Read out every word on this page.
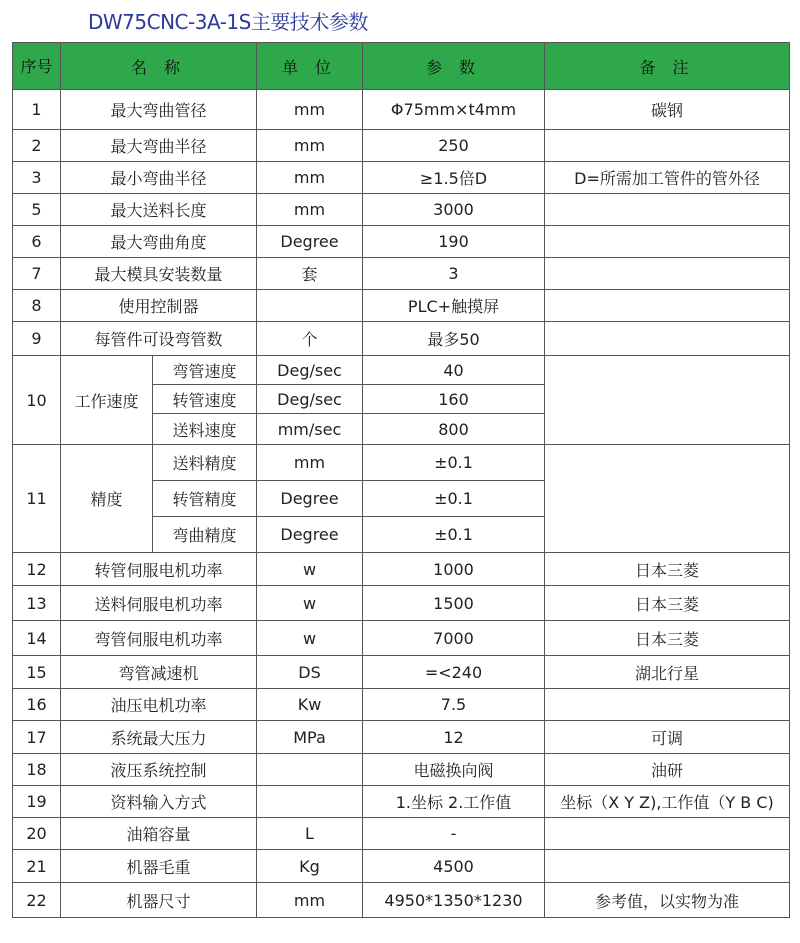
DW75CNC-3A-1S主要技术参数
序号	名 称		单 位	参 数	备 注
1	最大弯曲管径		mm	Φ75mm×t4mm	碳钢
2	最大弯曲半径		mm	250	
3	最小弯曲半径		mm	≥1.5倍D	D=所需加工管件的管外径
5	最大送料长度		mm	3000	
6	最大弯曲角度		Degree	190	
7	最大模具安装数量		套	3	
8	使用控制器			PLC+触摸屏	
9	每管件可设弯管数		个	最多50	
10	工作速度	弯管速度	Deg/sec	40	
		转管速度	Deg/sec	160	
		送料速度	mm/sec	800	
11	精度	送料精度	mm	±0.1	
		转管精度	Degree	±0.1	
		弯曲精度	Degree	±0.1	
12	转管伺服电机功率		w	1000	日本三菱
13	送料伺服电机功率		w	1500	日本三菱
14	弯管伺服电机功率		w	7000	日本三菱
15	弯管减速机		DS	=<240	湖北行星
16	油压电机功率		Kw	7.5	
17	系统最大压力		MPa	12	可调
18	液压系统控制			电磁换向阀	油研
19	资料输入方式			1.坐标 2.工作值	坐标（X Y Z),工作值（Y B C)
20	油箱容量		L	-	
21	机器毛重		Kg	4500	
22	机器尺寸		mm	4950*1350*1230	参考值，以实物为准
